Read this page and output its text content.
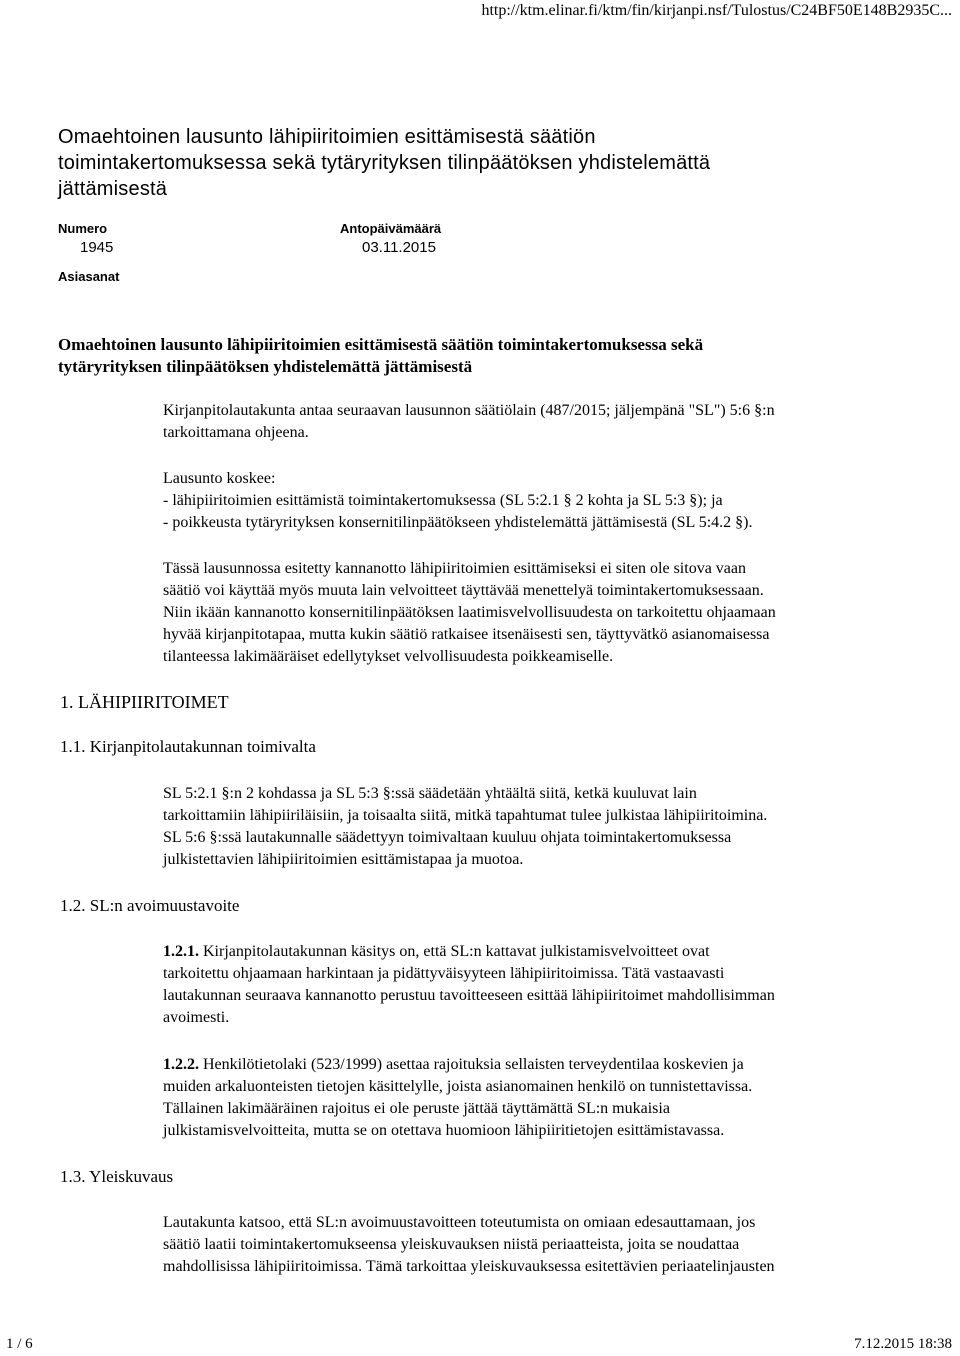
http://ktm.elinar.fi/ktm/fin/kirjanpi.nsf/Tulostus/C24BF50E148B2935C...
Omaehtoinen lausunto lähipiiritoimien esittämisestä säätiön
toimintakertomuksessa sekä tytäryrityksen tilinpäätöksen yhdistelemättä
jättämisestä
Numero
1945
Antopäivämäärä
03.11.2015
Asiasanat
Omaehtoinen lausunto lähipiiritoimien esittämisestä säätiön toimintakertomuksessa sekä
tytäryrityksen tilinpäätöksen yhdistelemättä jättämisestä
Kirjanpitolautakunta antaa seuraavan lausunnon säätiölain (487/2015; jäljempänä "SL") 5:6 §:n
tarkoittamana ohjeena.
Lausunto koskee:
- lähipiiritoimien esittämistä toimintakertomuksessa (SL 5:2.1 § 2 kohta ja SL 5:3 §); ja
- poikkeusta tytäryrityksen konsernitilinpäätökseen yhdistelemättä jättämisestä (SL 5:4.2 §).
Tässä lausunnossa esitetty kannanotto lähipiiritoimien esittämiseksi ei siten ole sitova vaan
säätiö voi käyttää myös muuta lain velvoitteet täyttävää menettelyä toimintakertomuksessaan.
Niin ikään kannanotto konsernitilinpäätöksen laatimisvelvollisuudesta on tarkoitettu ohjaamaan
hyvää kirjanpitotapaa, mutta kukin säätiö ratkaisee itsenäisesti sen, täyttyvätkö asianomaisessa
tilanteessa lakimääräiset edellytykset velvollisuudesta poikkeamiselle.
1. LÄHIPIIRITOIMET
1.1. Kirjanpitolautakunnan toimivalta
SL 5:2.1 §:n 2 kohdassa ja SL 5:3 §:ssä säädetään yhtäältä siitä, ketkä kuuluvat lain
tarkoittamiin lähipiiriläisiin, ja toisaalta siitä, mitkä tapahtumat tulee julkistaa lähipiiritoimina.
SL 5:6 §:ssä lautakunnalle säädettyyn toimivaltaan kuuluu ohjata toimintakertomuksessa
julkistettavien lähipiiritoimien esittämistapaa ja muotoa.
1.2. SL:n avoimuustavoite
1.2.1. Kirjanpitolautakunnan käsitys on, että SL:n kattavat julkistamisvelvoitteet ovat
tarkoitettu ohjaamaan harkintaan ja pidättyväisyyteen lähipiiritoimissa. Tätä vastaavasti
lautakunnan seuraava kannanotto perustuu tavoitteeseen esittää lähipiiritoimet mahdollisimman
avoimesti.
1.2.2. Henkilötietolaki (523/1999) asettaa rajoituksia sellaisten terveydentilaa koskevien ja
muiden arkaluonteisten tietojen käsittelylle, joista asianomainen henkilö on tunnistettavissa.
Tällainen lakimääräinen rajoitus ei ole peruste jättää täyttämättä SL:n mukaisia
julkistamisvelvoitteita, mutta se on otettava huomioon lähipiiritietojen esittämistavassa.
1.3. Yleiskuvaus
Lautakunta katsoo, että SL:n avoimuustavoitteen toteutumista on omiaan edesauttamaan, jos
säätiö laatii toimintakertomukseensa yleiskuvauksen niistä periaatteista, joita se noudattaa
mahdollisissa lähipiiritoimissa. Tämä tarkoittaa yleiskuvauksessa esitettävien periaatelinjausten
1 / 6	7.12.2015 18:38
